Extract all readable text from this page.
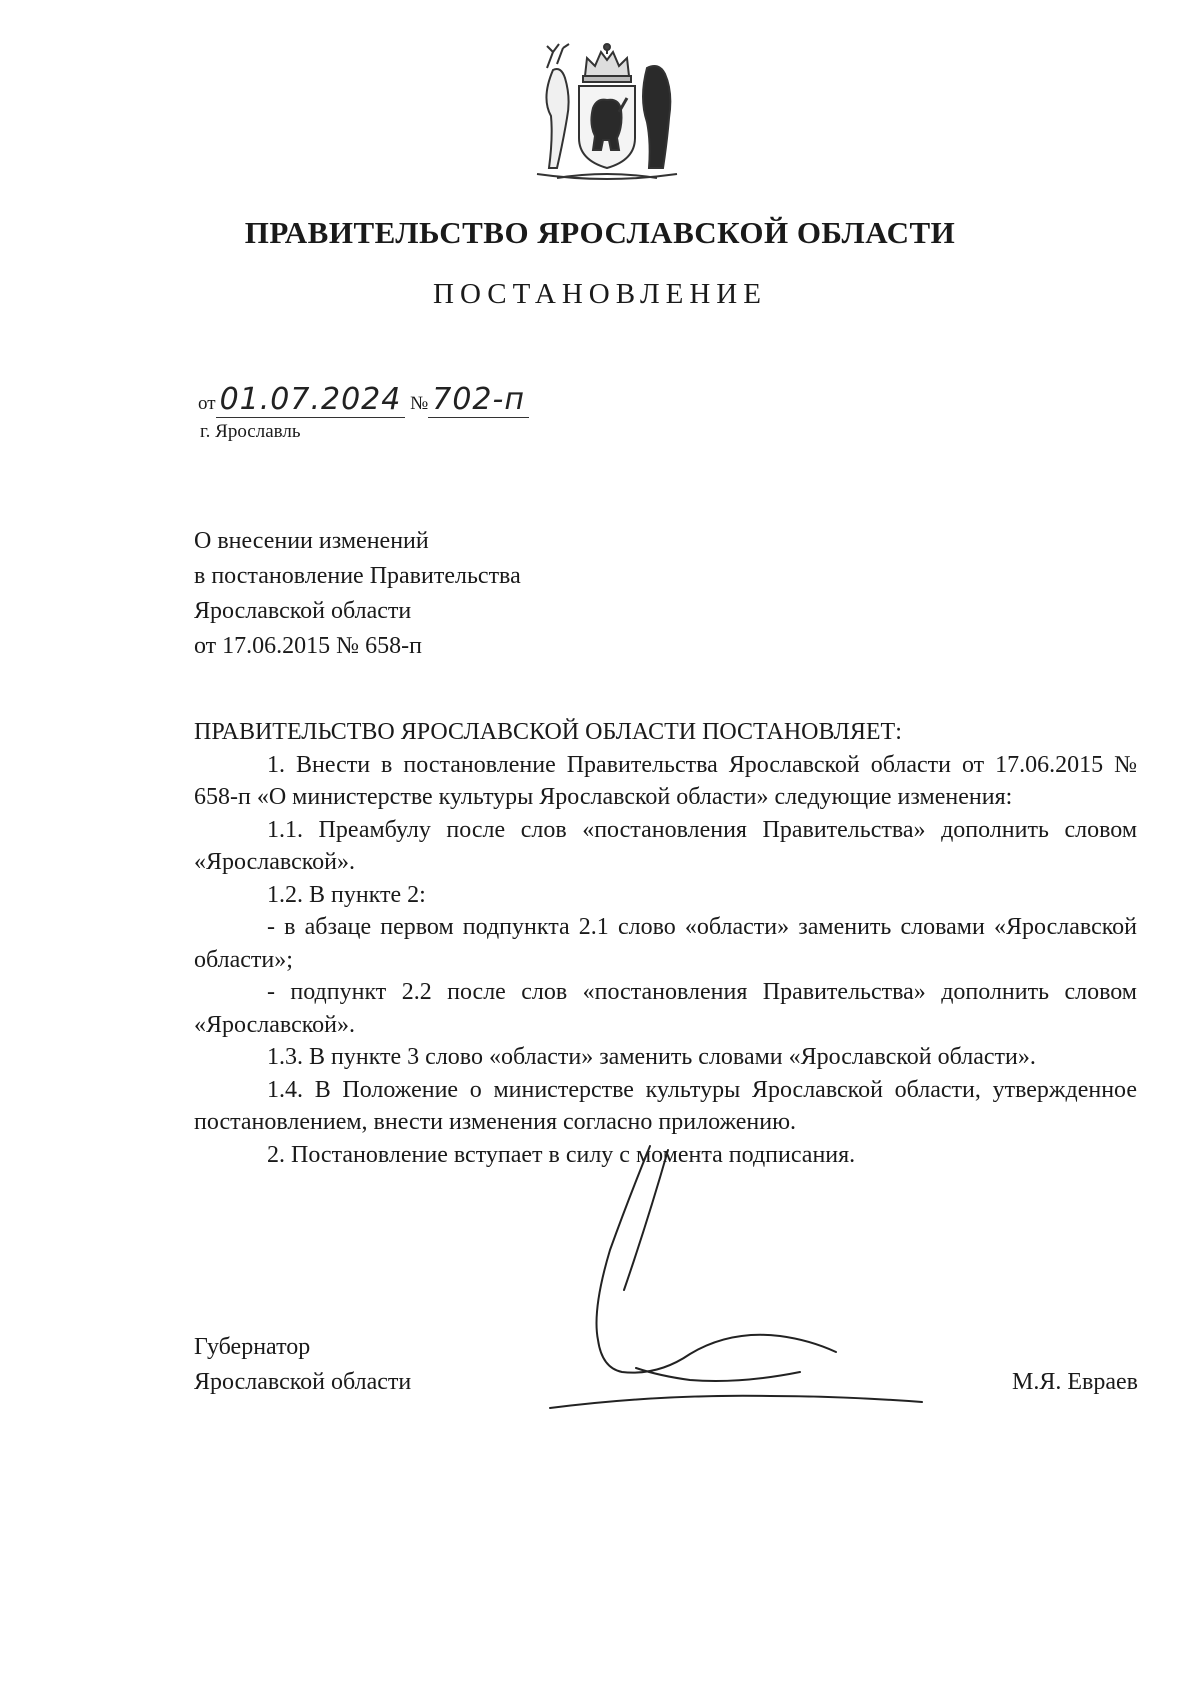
ПРАВИТЕЛЬСТВО ЯРОСЛАВСКОЙ ОБЛАСТИ
ПОСТАНОВЛЕНИЕ
от 01.07.2024 № 702-п
г. Ярославль
О внесении изменений
в постановление Правительства
Ярославской области
от 17.06.2015 № 658-п

ПРАВИТЕЛЬСТВО ЯРОСЛАВСКОЙ ОБЛАСТИ ПОСТАНОВЛЯЕТ:

1. Внести в постановление Правительства Ярославской области от 17.06.2015 № 658-п «О министерстве культуры Ярославской области» следующие изменения:

1.1. Преамбулу после слов «постановления Правительства» дополнить словом «Ярославской».

1.2. В пункте 2:

- в абзаце первом подпункта 2.1 слово «области» заменить словами «Ярославской области»;

- подпункт 2.2 после слов «постановления Правительства» дополнить словом «Ярославской».

1.3. В пункте 3 слово «области» заменить словами «Ярославской области».

1.4. В Положение о министерстве культуры Ярославской области, утвержденное постановлением, внести изменения согласно приложению.

2. Постановление вступает в силу с момента подписания.

Губернатор
Ярославской области	М.Я. Евраев
